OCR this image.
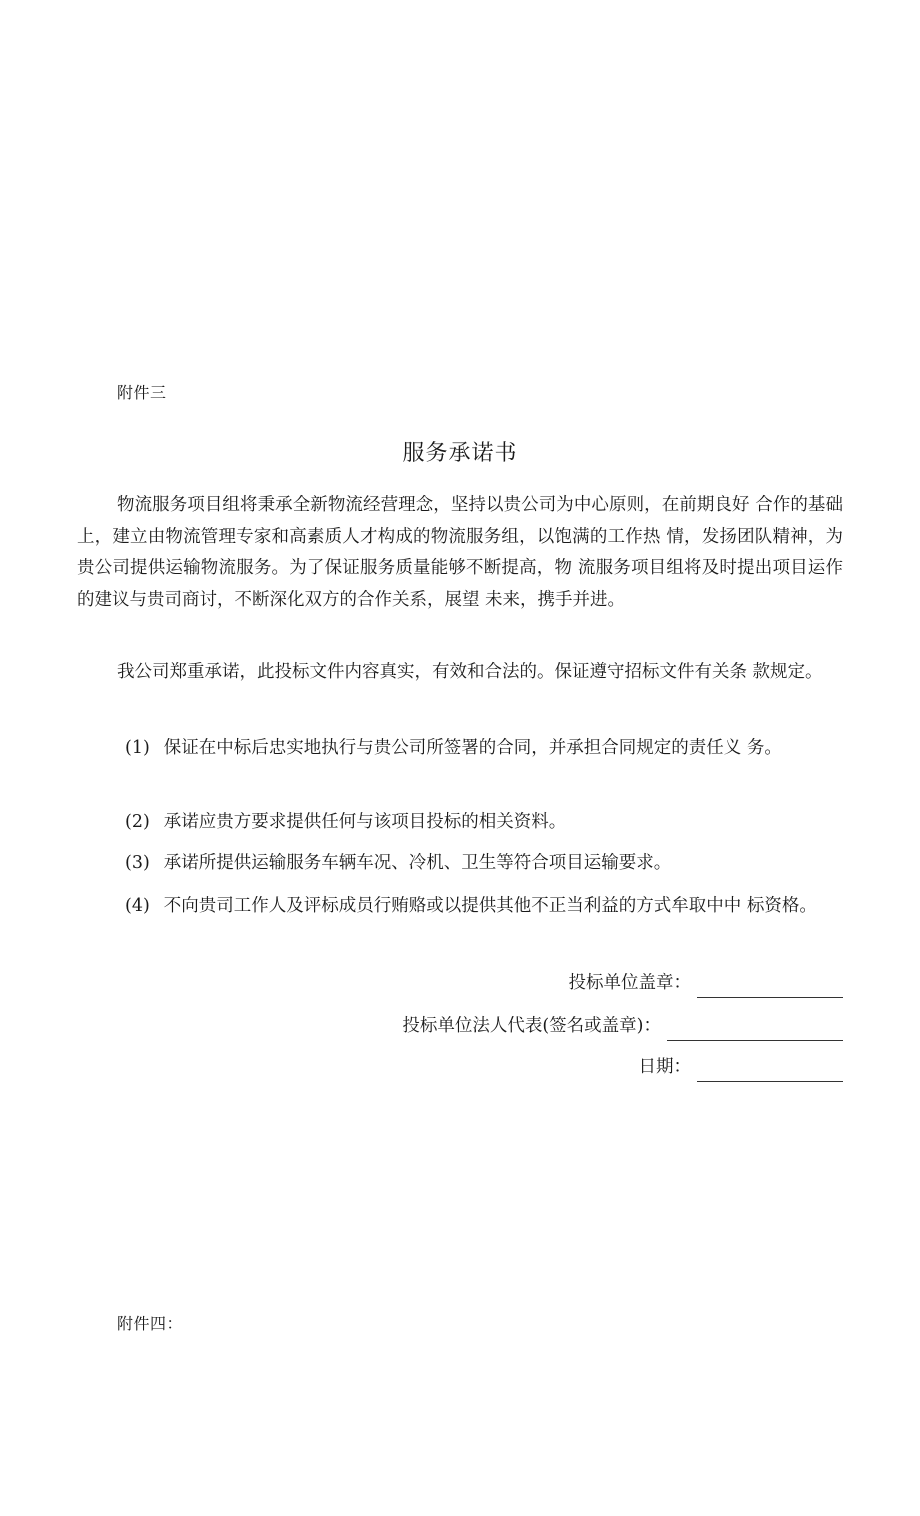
附件三
服务承诺书
物流服务项目组将秉承全新物流经营理念，坚持以贵公司为中心原则，在前期良好 合作的基础上，建立由物流管理专家和高素质人才构成的物流服务组，以饱满的工作热 情，发扬团队精神，为贵公司提供运输物流服务。为了保证服务质量能够不断提高，物 流服务项目组将及时提出项目运作的建议与贵司商讨，不断深化双方的合作关系，展望 未来，携手并进。
我公司郑重承诺，此投标文件内容真实，有效和合法的。保证遵守招标文件有关条 款规定。
(1) 保证在中标后忠实地执行与贵公司所签署的合同，并承担合同规定的责任义 务。
(2) 承诺应贵方要求提供任何与该项目投标的相关资料。
(3) 承诺所提供运输服务车辆车况、冷机、卫生等符合项目运输要求。
(4) 不向贵司工作人及评标成员行贿赂或以提供其他不正当利益的方式牟取中中 标资格。
投标单位盖章：
投标单位法人代表(签名或盖章)：
日期：
附件四：
